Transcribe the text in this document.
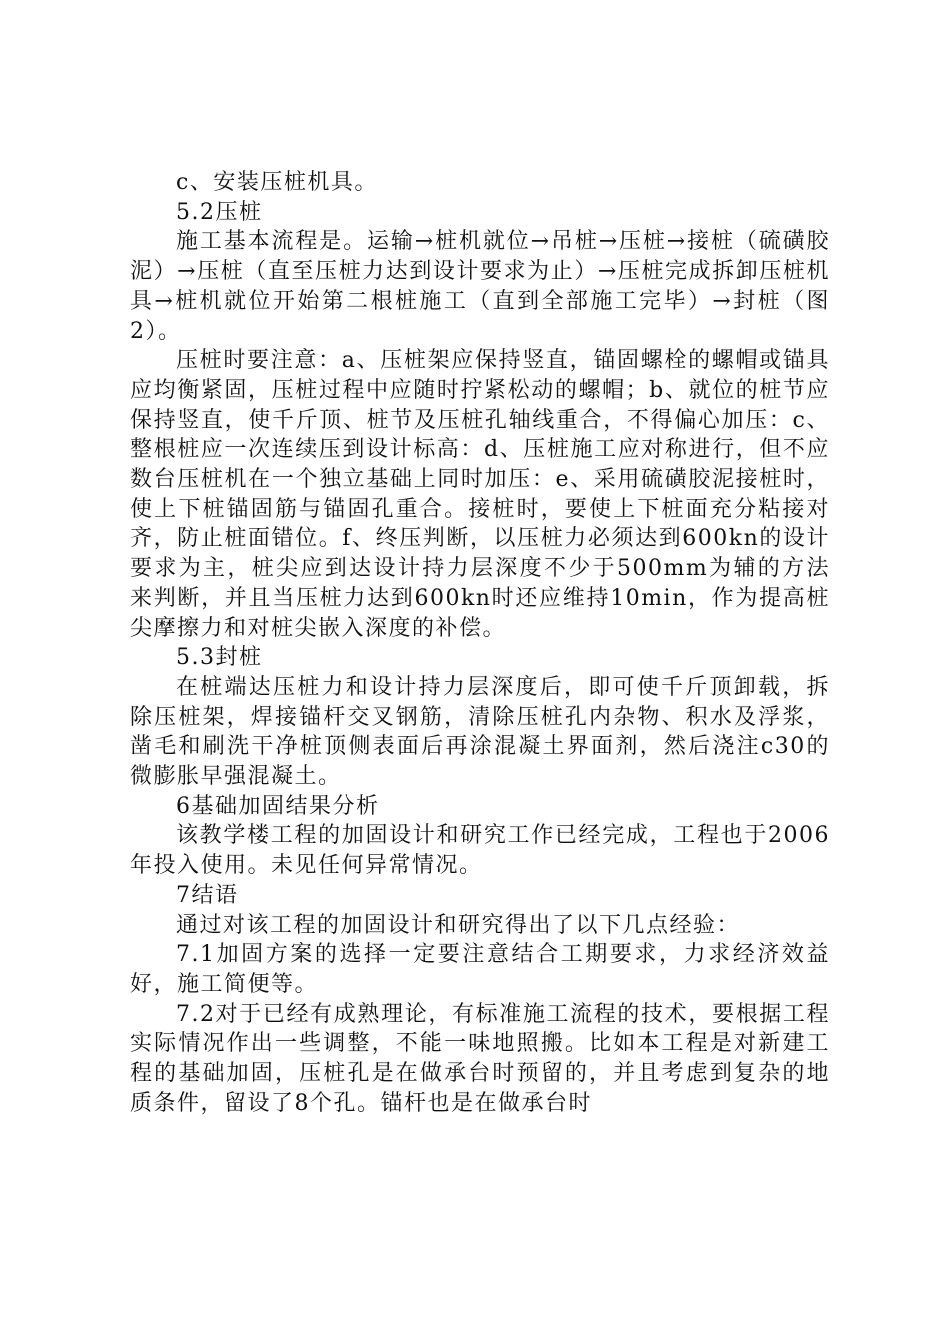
c、安装压桩机具。

5.2压桩

施工基本流程是。运输→桩机就位→吊桩→压桩→接桩（硫磺胶泥）→压桩（直至压桩力达到设计要求为止）→压桩完成拆卸压桩机具→桩机就位开始第二根桩施工（直到全部施工完毕）→封桩（图2）。

压桩时要注意：a、压桩架应保持竖直，锚固螺栓的螺帽或锚具应均衡紧固，压桩过程中应随时拧紧松动的螺帽；b、就位的桩节应保持竖直，使千斤顶、桩节及压桩孔轴线重合，不得偏心加压：c、整根桩应一次连续压到设计标高：d、压桩施工应对称进行，但不应数台压桩机在一个独立基础上同时加压：e、采用硫磺胶泥接桩时，使上下桩锚固筋与锚固孔重合。接桩时，要使上下桩面充分粘接对齐，防止桩面错位。f、终压判断，以压桩力必须达到600kn的设计要求为主，桩尖应到达设计持力层深度不少于500mm为辅的方法来判断，并且当压桩力达到600kn时还应维持10min，作为提高桩尖摩擦力和对桩尖嵌入深度的补偿。

5.3封桩

在桩端达压桩力和设计持力层深度后，即可使千斤顶卸载，拆除压桩架，焊接锚杆交叉钢筋，清除压桩孔内杂物、积水及浮浆，凿毛和刷洗干净桩顶侧表面后再涂混凝土界面剂，然后浇注c30的微膨胀早强混凝土。

6基础加固结果分析

该教学楼工程的加固设计和研究工作已经完成，工程也于2006年投入使用。未见任何异常情况。

7结语

通过对该工程的加固设计和研究得出了以下几点经验：

7.1加固方案的选择一定要注意结合工期要求，力求经济效益好，施工简便等。

7.2对于已经有成熟理论，有标准施工流程的技术，要根据工程实际情况作出一些调整，不能一味地照搬。比如本工程是对新建工程的基础加固，压桩孔是在做承台时预留的，并且考虑到复杂的地质条件，留设了8个孔。锚杆也是在做承台时
